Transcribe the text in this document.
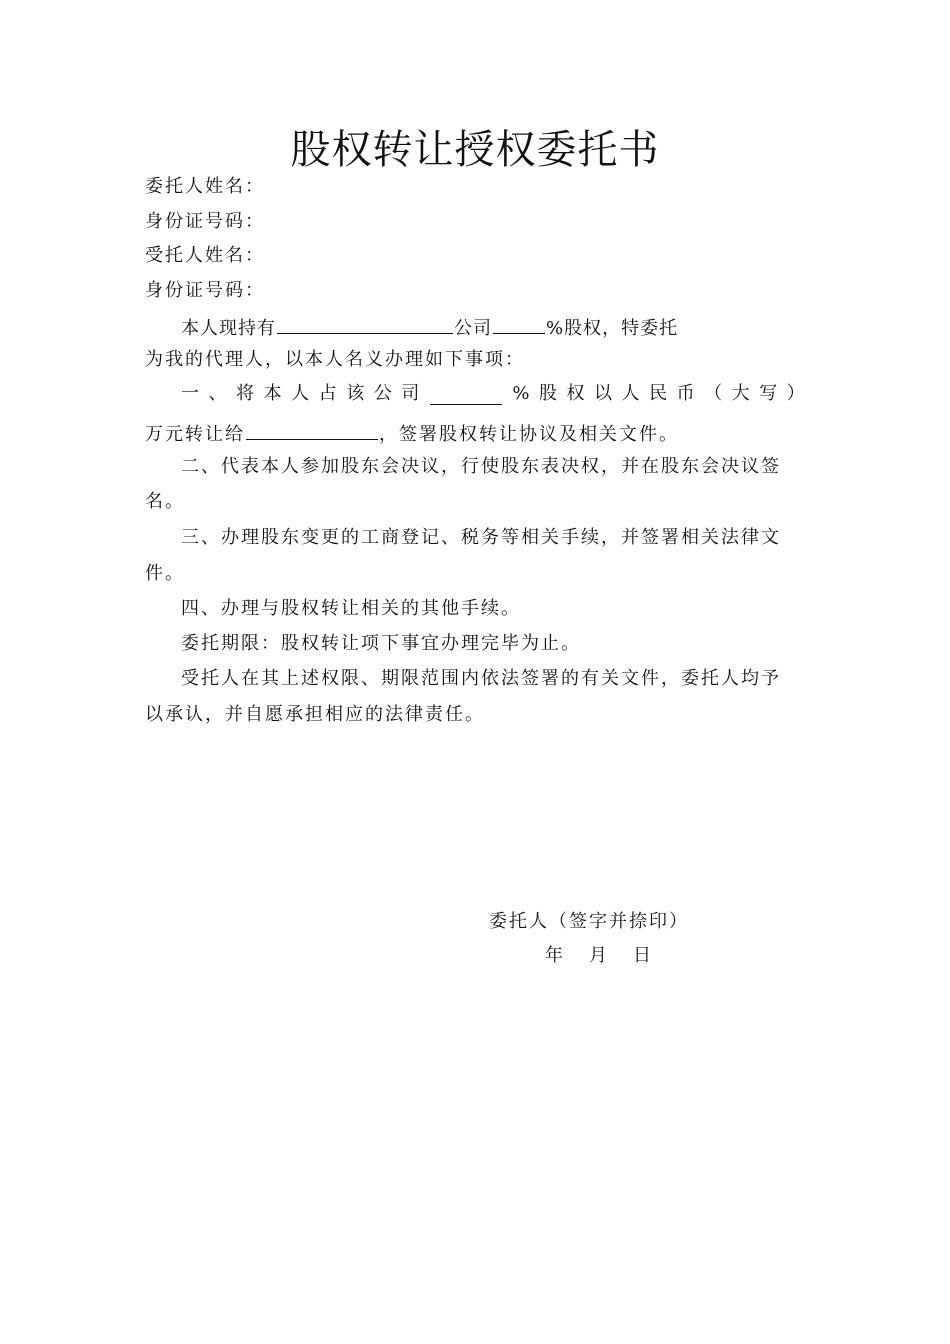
股权转让授权委托书
委托人姓名：
身份证号码：
受托人姓名：
身份证号码：
本人现持有	公司	%股权，特委托
为我的代理人，以本人名义办理如下事项：
一 、 将 本 人 占 该 公 司	% 股 权 以 人 民 币 （ 大 写 ）
万元转让给	，签署股权转让协议及相关文件。
二、代表本人参加股东会决议，行使股东表决权，并在股东会决议签
名。
三、办理股东变更的工商登记、税务等相关手续，并签署相关法律文
件。
四、办理与股权转让相关的其他手续。
委托期限：股权转让项下事宜办理完毕为止。
受托人在其上述权限、期限范围内依法签署的有关文件，委托人均予
以承认，并自愿承担相应的法律责任。
委托人（签字并捺印）
年 月 日
